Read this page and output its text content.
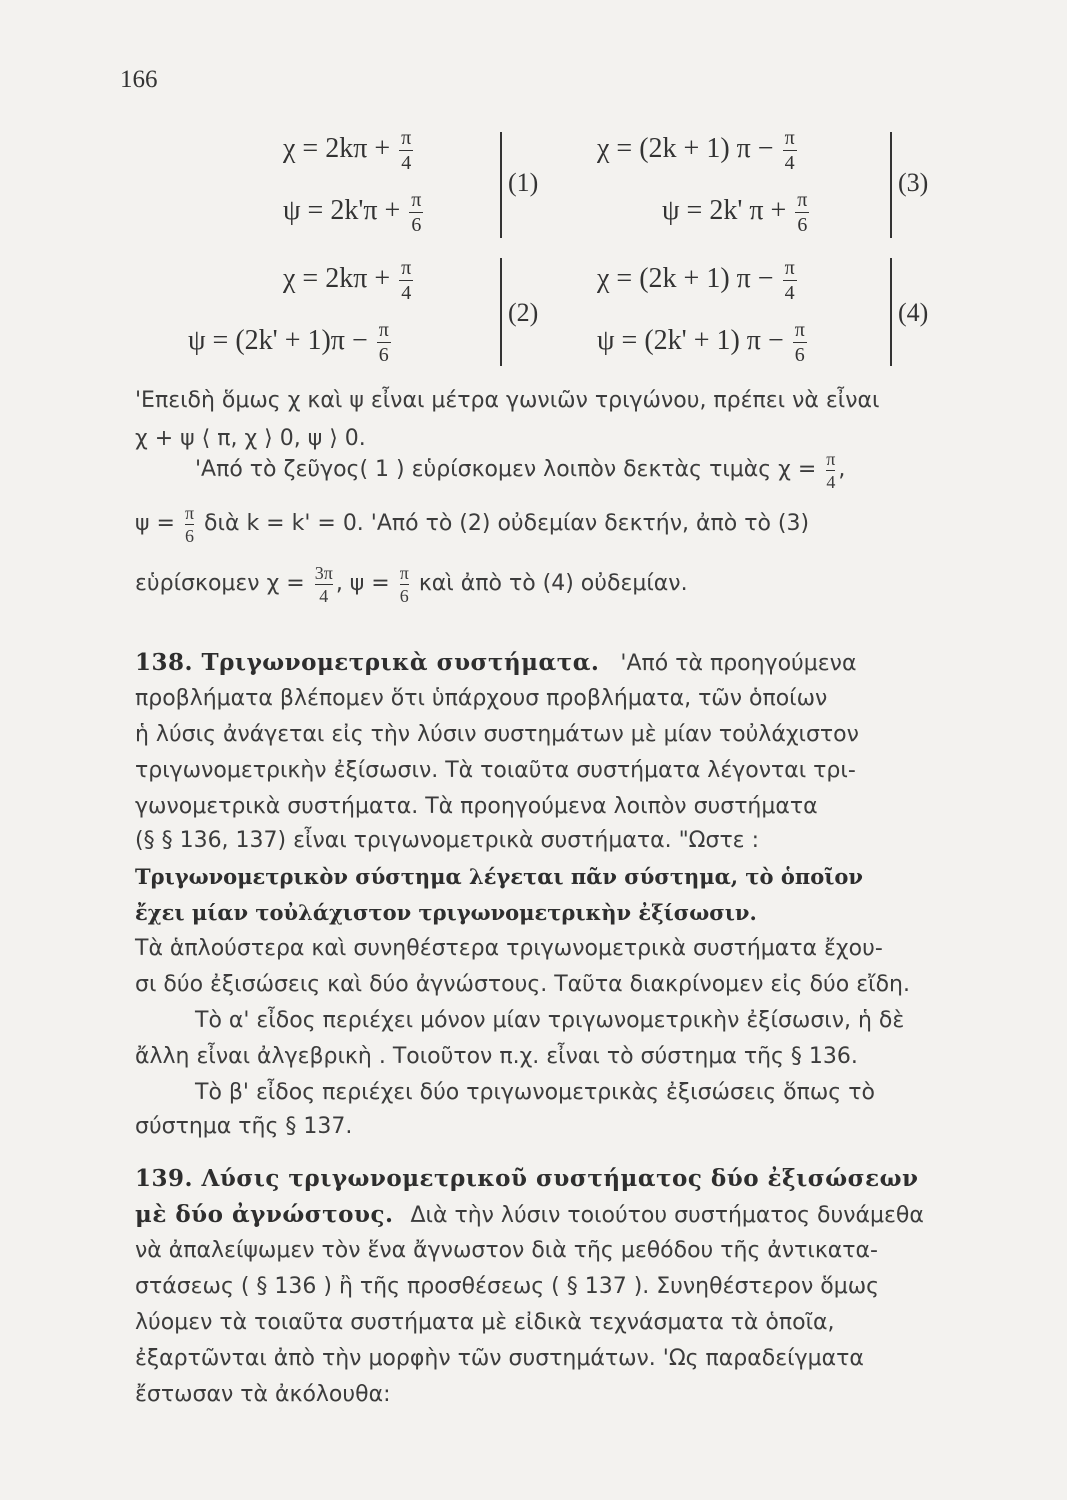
166
$\chi = 2k\pi + \frac{\pi}{4}$
$\psi = 2k'\pi + \frac{\pi}{6}$
(1)
$\chi = 2k\pi + \frac{\pi}{4}$
$\psi = (2k' + 1)\pi - \frac{\pi}{6}$
(2)
χ = (2k + 1) $\pi - \frac{\pi}{4}$
ψ = 2k' $\pi + \frac{\pi}{6}$
(3)
χ = (2k + 1) $\pi - \frac{\pi}{4}$
ψ = (2k' + 1) $\pi - \frac{\pi}{6}$
(4)
'Επειδὴ ὅμως χ καὶ ψ εἶναι μέτρα γωνιῶν τριγώνου, πρέπει νὰ εἶναι
χ + ψ ⟨ π, χ ⟩ 0, ψ ⟩ 0.
'Από τὸ ζεῦγος( 1 ) εὑρίσκομεν λοιπὸν δεκτὰς τιμὰς $\chi = \frac{\pi}{4}$ ,
$\psi = \frac{\pi}{6}$ διὰ k = k' = 0. 'Από τὸ (2) οὐδεμίαν δεκτήν, ἀπὸ τὸ (3)
εὑρίσκομεν $\chi = \frac{3\pi}{4}$ , $\psi = \frac{\pi}{6}$ καὶ ἀπὸ τὸ (4) οὐδεμίαν.
138. Τριγωνομετρικὰ συστήματα. 'Από τὰ προηγούμενα
προβλήματα βλέπομεν ὅτι ὑπάρχουσ προβλήματα, τῶν ὁποίων
ἡ λύσις ἀνάγεται εἰς τὴν λύσιν συστημάτων μὲ μίαν τοὐλάχιστον
τριγωνομετρικὴν ἐξίσωσιν. Τὰ τοιαῦτα συστήματα λέγονται τρι-
γωνομετρικὰ συστήματα. Τὰ προηγούμενα λοιπὸν συστήματα
(§ § 136, 137) εἶναι τριγωνομετρικὰ συστήματα. "Ωστε :
Τριγωνομετρικὸν σύστημα λέγεται πᾶν σύστημα, τὸ ὁποῖον
ἔχει μίαν τοὐλάχιστον τριγωνομετρικὴν ἐξίσωσιν.
Τὰ ἁπλούστερα καὶ συνηθέστερα τριγωνομετρικὰ συστήματα ἔχου-
σι δύο ἐξισώσεις καὶ δύο ἀγνώστους. Ταῦτα διακρίνομεν εἰς δύο εἴδη.
Τὸ α' εἶδος περιέχει μόνον μίαν τριγωνομετρικὴν ἐξίσωσιν, ἡ δὲ
ἄλλη εἶναι ἀλγεβρικὴ . Τοιοῦτον π.χ. εἶναι τὸ σύστημα τῆς § 136.
Τὸ β' εἶδος περιέχει δύο τριγωνομετρικὰς ἐξισώσεις ὅπως τὸ
σύστημα τῆς § 137.
139. Λύσις τριγωνομετρικοῦ συστήματος δύο ἐξισώσεων
μὲ δύο ἀγνώστους. Διὰ τὴν λύσιν τοιούτου συστήματος δυνάμεθα
νὰ ἀπαλείψωμεν τὸν ἕνα ἄγνωστον διὰ τῆς μεθόδου τῆς ἀντικατα-
στάσεως ( § 136 ) ἢ τῆς προσθέσεως ( § 137 ). Συνηθέστερον ὅμως
λύομεν τὰ τοιαῦτα συστήματα μὲ εἰδικὰ τεχνάσματα τὰ ὁποῖα,
ἐξαρτῶνται ἀπὸ τὴν μορφὴν τῶν συστημάτων. 'Ως παραδείγματα
ἔστωσαν τὰ ἀκόλουθα:
